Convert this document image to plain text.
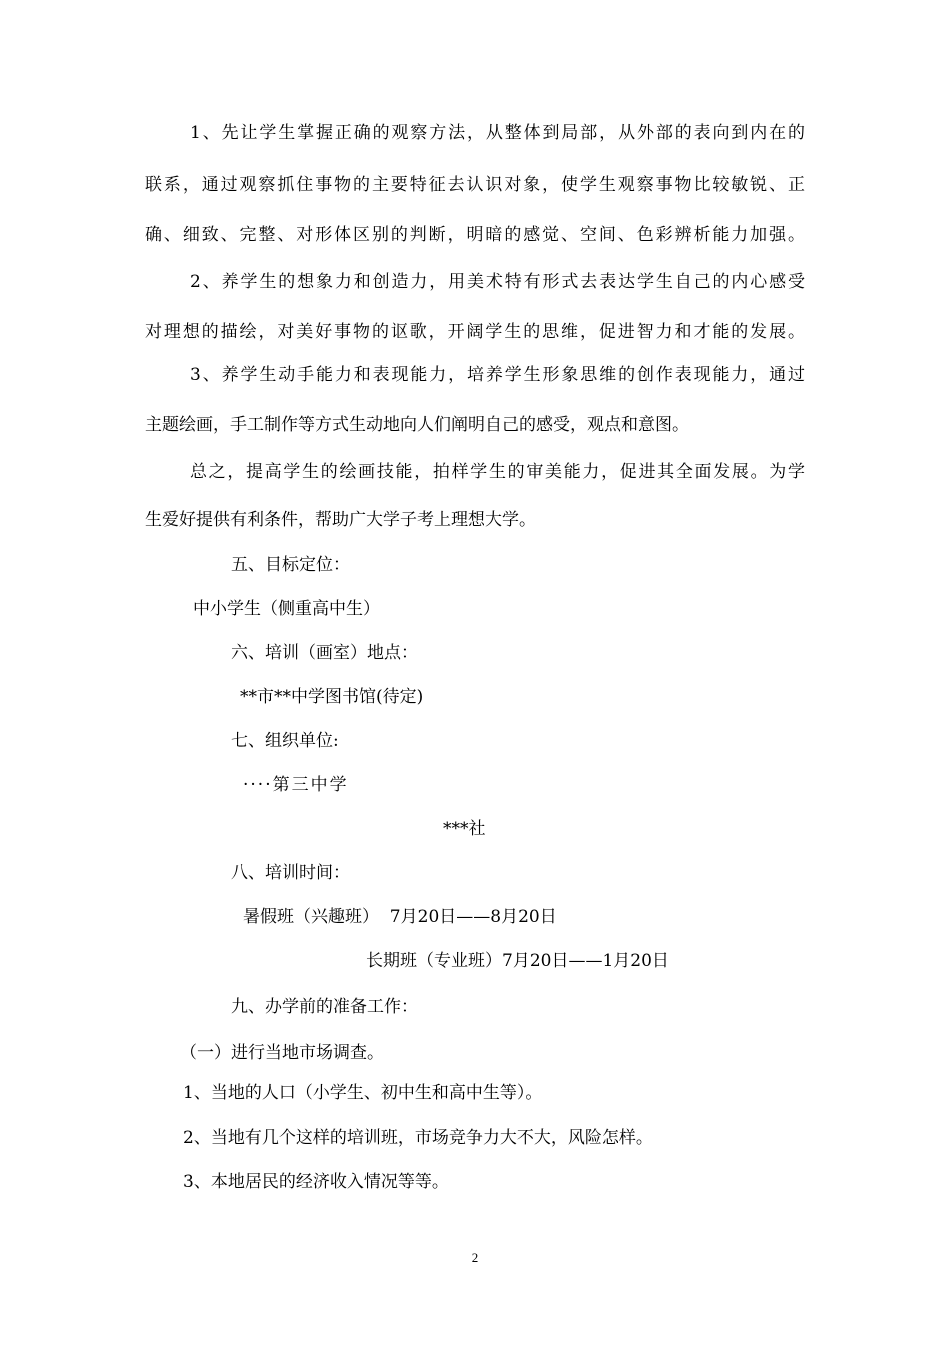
1、先让学生掌握正确的观察方法，从整体到局部，从外部的表向到内在的
联系，通过观察抓住事物的主要特征去认识对象，使学生观察事物比较敏锐、正
确、细致、完整、对形体区别的判断，明暗的感觉、空间、色彩辨析能力加强。
2、养学生的想象力和创造力，用美术特有形式去表达学生自己的内心感受
对理想的描绘，对美好事物的讴歌，开阔学生的思维，促进智力和才能的发展。
3、养学生动手能力和表现能力，培养学生形象思维的创作表现能力，通过
主题绘画，手工制作等方式生动地向人们阐明自己的感受，观点和意图。
总之，提高学生的绘画技能，拍样学生的审美能力，促进其全面发展。为学
生爱好提供有利条件，帮助广大学子考上理想大学。
五、目标定位：
中小学生（侧重高中生）
六、培训（画室）地点：
**市**中学图书馆(待定)
七、组织单位:
····第三中学
***社
八、培训时间：
暑假班（兴趣班）  7月20日——8月20日
长期班（专业班）7月20日——1月20日
九、办学前的准备工作：
（一）进行当地市场调查。
1、当地的人口（小学生、初中生和高中生等）。
2、当地有几个这样的培训班，市场竞争力大不大，风险怎样。
3、本地居民的经济收入情况等等。
2
